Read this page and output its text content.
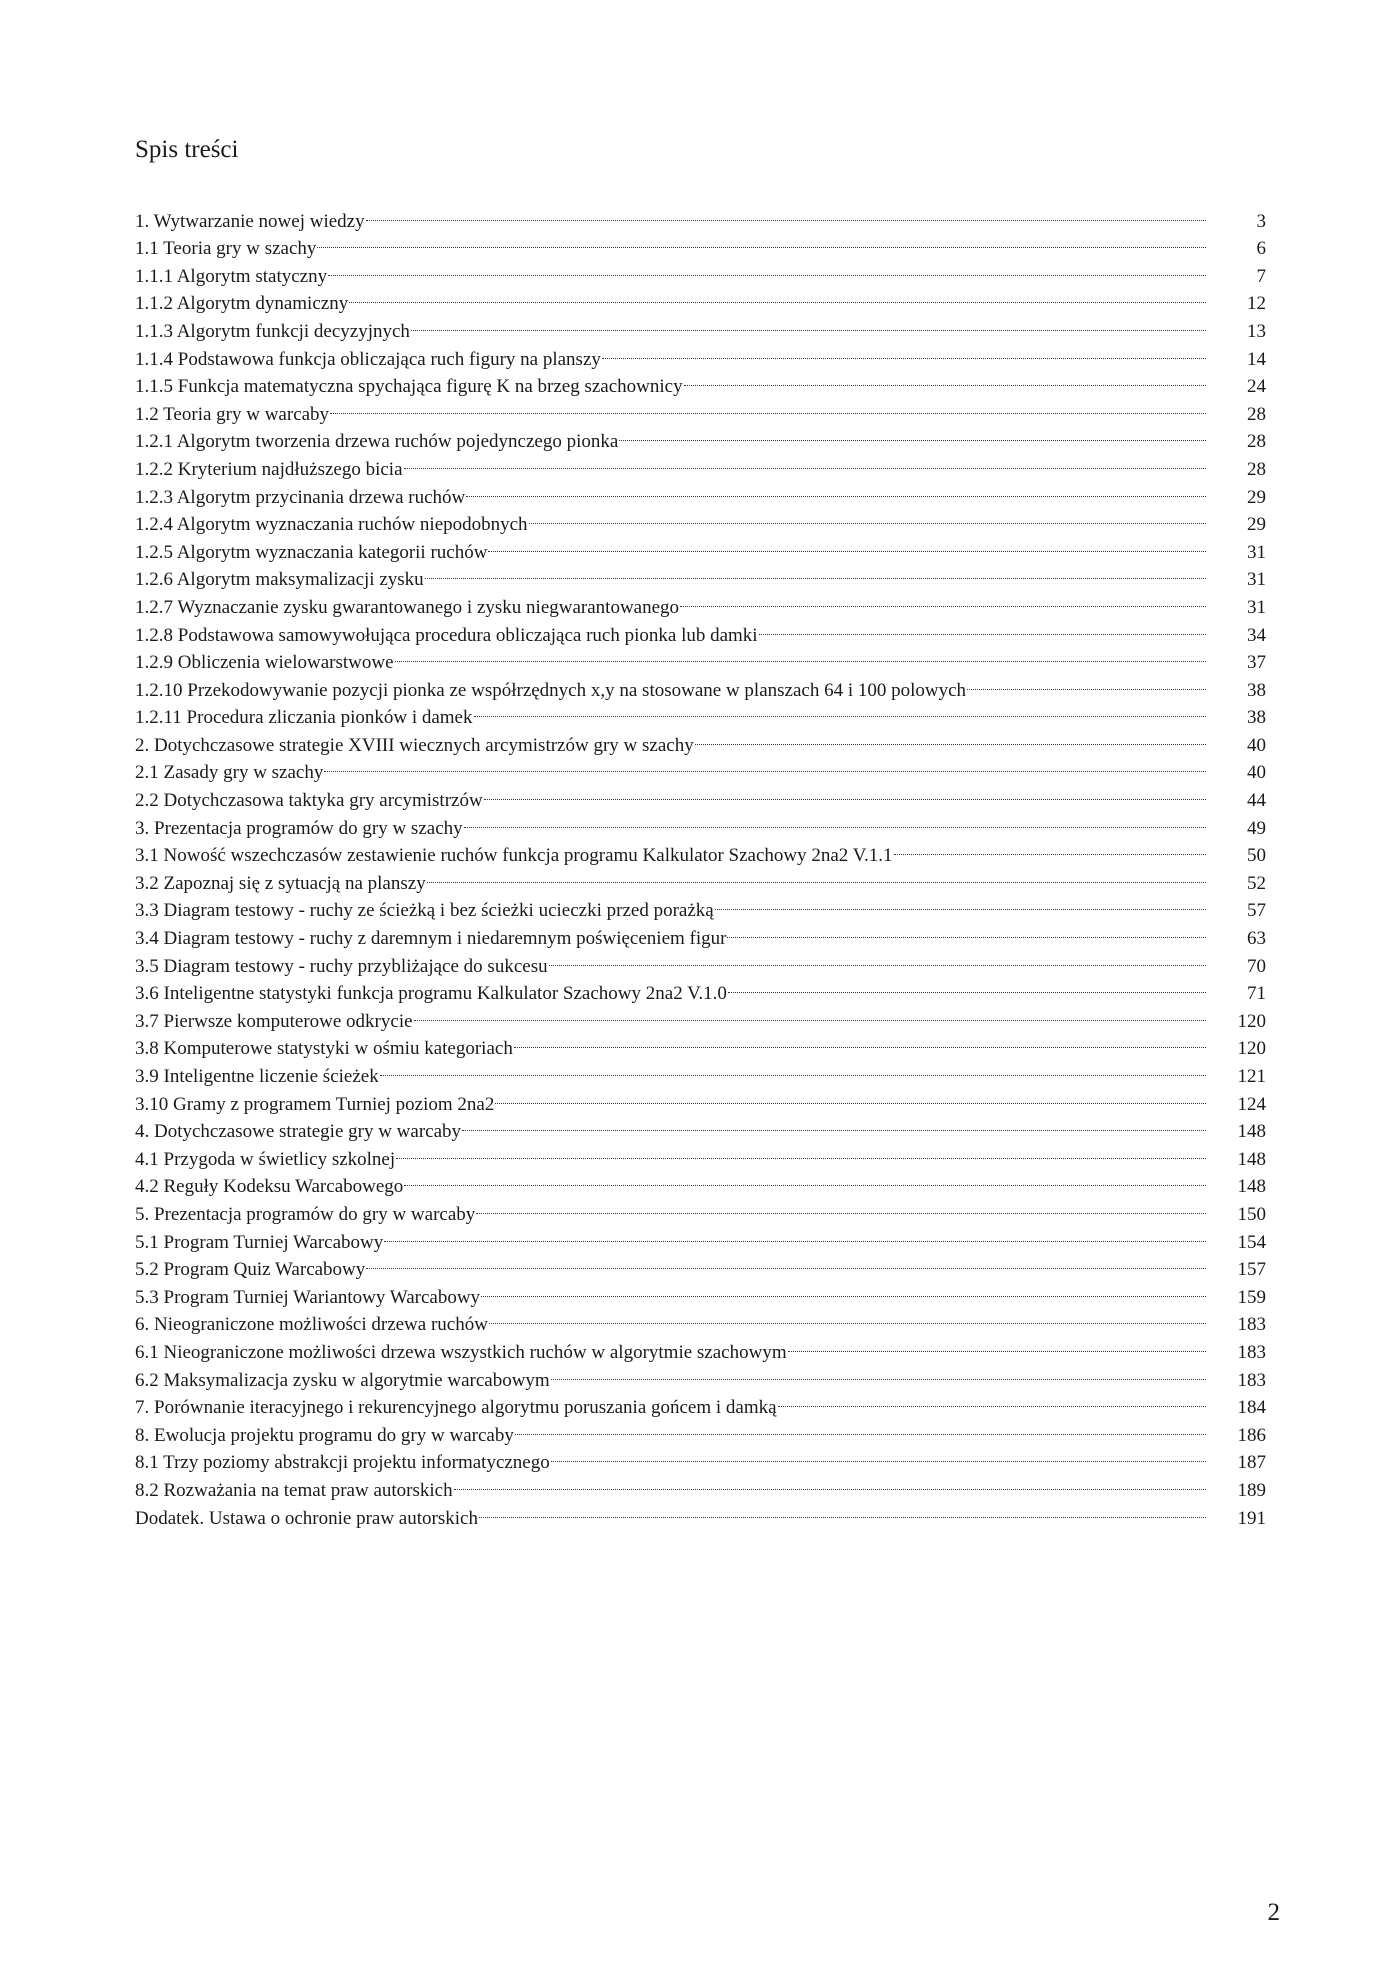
Spis treści
1. Wytwarzanie nowej wiedzy	3
1.1 Teoria gry w szachy	6
1.1.1 Algorytm statyczny	7
1.1.2 Algorytm dynamiczny	12
1.1.3 Algorytm funkcji decyzyjnych	13
1.1.4 Podstawowa funkcja obliczająca ruch figury na planszy	14
1.1.5 Funkcja matematyczna spychająca figurę K na brzeg szachownicy	24
1.2 Teoria gry w warcaby	28
1.2.1 Algorytm tworzenia drzewa ruchów pojedynczego pionka	28
1.2.2 Kryterium najdłuższego bicia	28
1.2.3 Algorytm przycinania drzewa ruchów	29
1.2.4 Algorytm wyznaczania ruchów niepodobnych	29
1.2.5 Algorytm wyznaczania kategorii ruchów	31
1.2.6 Algorytm maksymalizacji zysku	31
1.2.7 Wyznaczanie zysku gwarantowanego i zysku niegwarantowanego	31
1.2.8 Podstawowa samowywołująca procedura obliczająca ruch pionka lub damki	34
1.2.9 Obliczenia wielowarstwowe	37
1.2.10 Przekodowywanie pozycji pionka ze współrzędnych x,y na stosowane w planszach 64 i 100 polowych	38
1.2.11 Procedura zliczania pionków i damek	38
2. Dotychczasowe strategie XVIII wiecznych arcymistrzów gry w szachy	40
2.1 Zasady gry w szachy	40
2.2 Dotychczasowa taktyka gry arcymistrzów	44
3. Prezentacja programów do gry w szachy	49
3.1 Nowość wszechczasów zestawienie ruchów funkcja programu Kalkulator Szachowy 2na2 V.1.1	50
3.2 Zapoznaj się z sytuacją na planszy	52
3.3 Diagram testowy - ruchy ze ścieżką i bez ścieżki ucieczki przed porażką	57
3.4 Diagram testowy - ruchy z daremnym i niedaremnym poświęceniem figur	63
3.5 Diagram testowy - ruchy przybliżające do sukcesu	70
3.6 Inteligentne statystyki funkcja programu Kalkulator Szachowy 2na2 V.1.0	71
3.7 Pierwsze komputerowe odkrycie	120
3.8 Komputerowe statystyki w ośmiu kategoriach	120
3.9 Inteligentne liczenie ścieżek	121
3.10 Gramy z programem Turniej poziom 2na2	124
4. Dotychczasowe strategie gry w warcaby	148
4.1 Przygoda w świetlicy szkolnej	148
4.2 Reguły Kodeksu Warcabowego	148
5. Prezentacja programów do gry w warcaby	150
5.1 Program Turniej Warcabowy	154
5.2 Program Quiz Warcabowy	157
5.3 Program Turniej Wariantowy Warcabowy	159
6. Nieograniczone możliwości drzewa ruchów	183
6.1 Nieograniczone możliwości drzewa wszystkich ruchów w algorytmie szachowym	183
6.2 Maksymalizacja zysku w algorytmie warcabowym	183
7. Porównanie iteracyjnego i rekurencyjnego algorytmu poruszania gońcem i damką	184
8. Ewolucja projektu programu do gry w warcaby	186
8.1 Trzy poziomy abstrakcji projektu informatycznego	187
8.2 Rozważania na temat praw autorskich	189
Dodatek. Ustawa o ochronie praw autorskich	191
2
